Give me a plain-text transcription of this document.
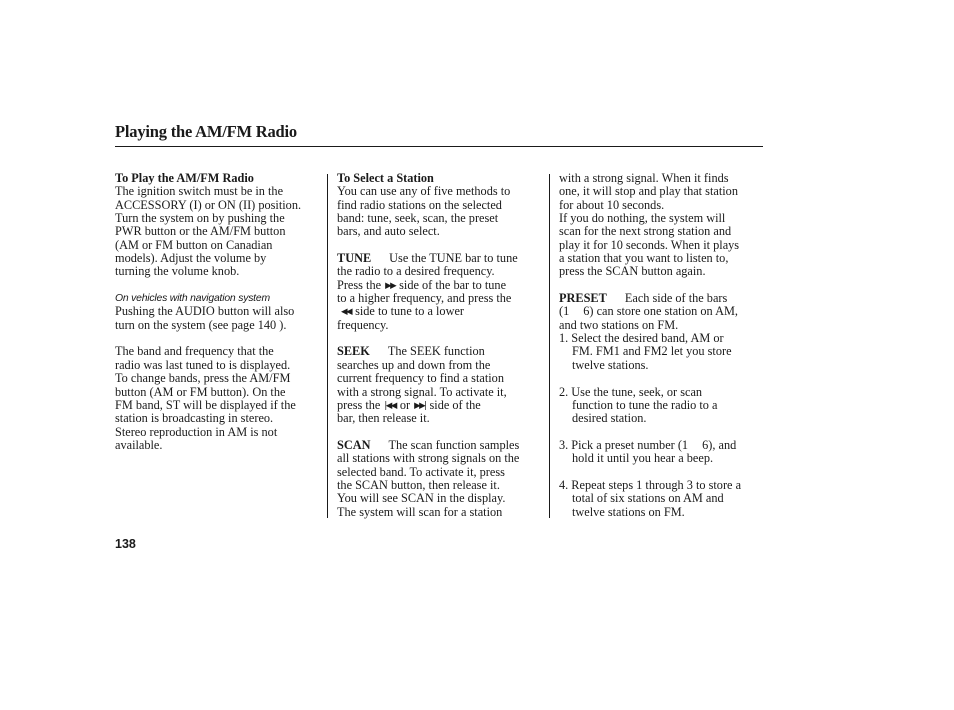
Playing the AM/FM Radio
To Play the AM/FM Radio
The ignition switch must be in the
ACCESSORY (I) or ON (II) position.
Turn the system on by pushing the
PWR button or the AM/FM button
(AM or FM button on Canadian
models). Adjust the volume by
turning the volume knob.
On vehicles with navigation system
Pushing the AUDIO button will also
turn on the system (see page 140 ).
The band and frequency that the
radio was last tuned to is displayed.
To change bands, press the AM/FM
button (AM or FM button). On the
FM band, ST will be displayed if the
station is broadcasting in stereo.
Stereo reproduction in AM is not
available.
To Select a Station
You can use any of five methods to
find radio stations on the selected
band: tune, seek, scan, the preset
bars, and auto select.
TUNE Use the TUNE bar to tune
the radio to a desired frequency.
Press the ▶▶ side of the bar to tune
to a higher frequency, and press the
◀◀ side to tune to a lower
frequency.
SEEK The SEEK function
searches up and down from the
current frequency to find a station
with a strong signal. To activate it,
press the |◀◀ or ▶▶| side of the
bar, then release it.
SCAN The scan function samples
all stations with strong signals on the
selected band. To activate it, press
the SCAN button, then release it.
You will see SCAN in the display.
The system will scan for a station
with a strong signal. When it finds
one, it will stop and play that station
for about 10 seconds.
If you do nothing, the system will
scan for the next strong station and
play it for 10 seconds. When it plays
a station that you want to listen to,
press the SCAN button again.
PRESET Each side of the bars
(1 6) can store one station on AM,
and two stations on FM.
1. Select the desired band, AM or
FM. FM1 and FM2 let you store
twelve stations.
2. Use the tune, seek, or scan
function to tune the radio to a
desired station.
3. Pick a preset number (1 6), and
hold it until you hear a beep.
4. Repeat steps 1 through 3 to store a
total of six stations on AM and
twelve stations on FM.
138
